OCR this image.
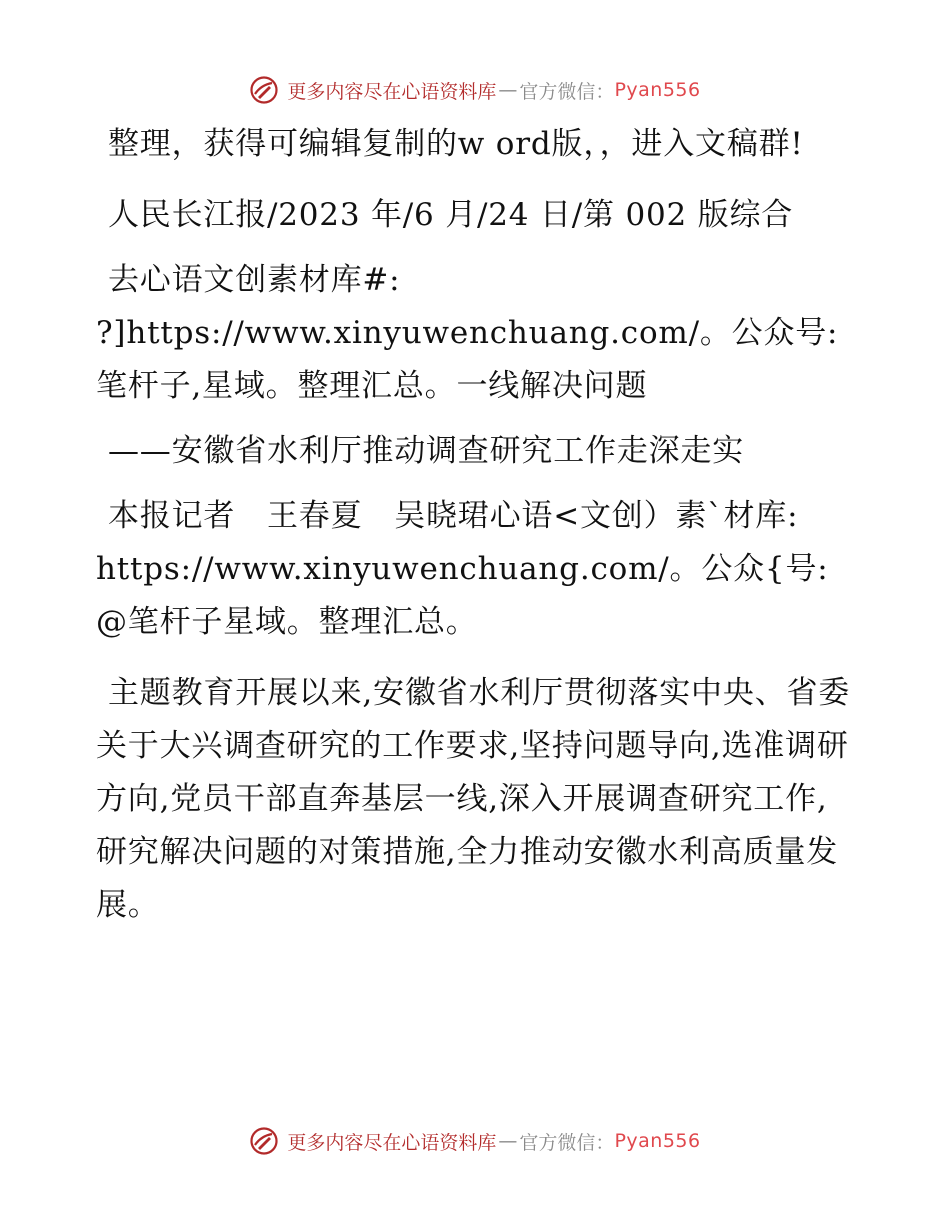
更多内容尽在心语资料库 — 官方微信： Pyan556

整理，获得可编辑复制的w ord版，，进入文稿群!

人民长江报/2023 年/6 月/24 日/第 002 版综合

去心语文创素材库#: ?]https://www.xinyuwenchuang.com/。公众号: 笔杆子,星域。整理汇总。一线解决问题

——安徽省水利厅推动调查研究工作走深走实

本报记者　王春夏　吴晓珺心语<文创）素`材库: https://www.xinyuwenchuang.com/。公众{号: @笔杆子星域。整理汇总。

主题教育开展以来,安徽省水利厅贯彻落实中央、省委关于大兴调查研究的工作要求,坚持问题导向,选准调研方向,党员干部直奔基层一线,深入开展调查研究工作,研究解决问题的对策措施,全力推动安徽水利高质量发展。

更多内容尽在心语资料库 — 官方微信： Pyan556
